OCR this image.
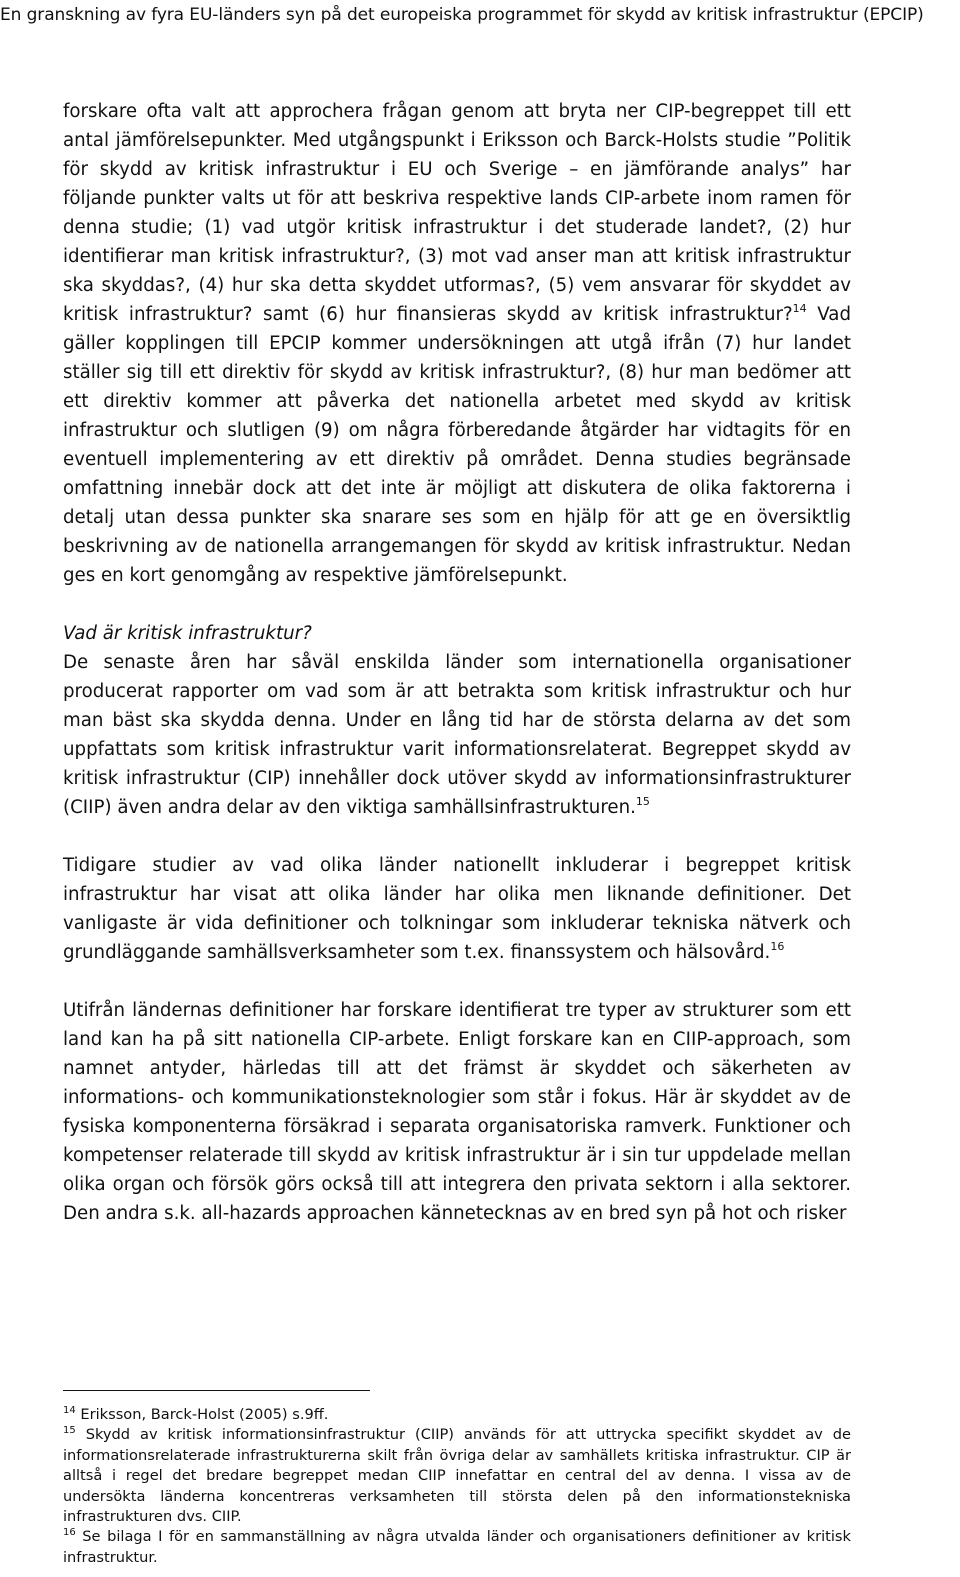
En granskning av fyra EU-länders syn på det europeiska programmet för skydd av kritisk infrastruktur (EPCIP)

forskare ofta valt att approchera frågan genom att bryta ner CIP-begreppet till ett antal jämförelsepunkter. Med utgångspunkt i Eriksson och Barck-Holsts studie ”Politik för skydd av kritisk infrastruktur i EU och Sverige – en jämförande analys” har följande punkter valts ut för att beskriva respektive lands CIP-arbete inom ramen för denna studie; (1) vad utgör kritisk infrastruktur i det studerade landet?, (2) hur identifierar man kritisk infrastruktur?, (3) mot vad anser man att kritisk infrastruktur ska skyddas?, (4) hur ska detta skyddet utformas?, (5) vem ansvarar för skyddet av kritisk infrastruktur? samt (6) hur finansieras skydd av kritisk infrastruktur?$^{14}$ Vad gäller kopplingen till EPCIP kommer undersökningen att utgå ifrån (7) hur landet ställer sig till ett direktiv för skydd av kritisk infrastruktur?, (8) hur man bedömer att ett direktiv kommer att påverka det nationella arbetet med skydd av kritisk infrastruktur och slutligen (9) om några förberedande åtgärder har vidtagits för en eventuell implementering av ett direktiv på området. Denna studies begränsade omfattning innebär dock att det inte är möjligt att diskutera de olika faktorerna i detalj utan dessa punkter ska snarare ses som en hjälp för att ge en översiktlig beskrivning av de nationella arrangemangen för skydd av kritisk infrastruktur. Nedan ges en kort genomgång av respektive jämförelsepunkt.

Vad är kritisk infrastruktur?

De senaste åren har såväl enskilda länder som internationella organisationer producerat rapporter om vad som är att betrakta som kritisk infrastruktur och hur man bäst ska skydda denna. Under en lång tid har de största delarna av det som uppfattats som kritisk infrastruktur varit informationsrelaterat. Begreppet skydd av kritisk infrastruktur (CIP) innehåller dock utöver skydd av informationsinfrastrukturer (CIIP) även andra delar av den viktiga samhällsinfrastrukturen.$^{15}$

Tidigare studier av vad olika länder nationellt inkluderar i begreppet kritisk infrastruktur har visat att olika länder har olika men liknande definitioner. Det vanligaste är vida definitioner och tolkningar som inkluderar tekniska nätverk och grundläggande samhällsverksamheter som t.ex. finanssystem och hälsovård.$^{16}$

Utifrån ländernas definitioner har forskare identifierat tre typer av strukturer som ett land kan ha på sitt nationella CIP-arbete. Enligt forskare kan en CIIP-approach, som namnet antyder, härledas till att det främst är skyddet och säkerheten av informations- och kommunikationsteknologier som står i fokus. Här är skyddet av de fysiska komponenterna försäkrad i separata organisatoriska ramverk. Funktioner och kompetenser relaterade till skydd av kritisk infrastruktur är i sin tur uppdelade mellan olika organ och försök görs också till att integrera den privata sektorn i alla sektorer. Den andra s.k. all-hazards approachen kännetecknas av en bred syn på hot och risker

$^{14}$ Eriksson, Barck-Holst (2005) s.9ff.

$^{15}$ Skydd av kritisk informationsinfrastruktur (CIIP) används för att uttrycka specifikt skyddet av de informationsrelaterade infrastrukturerna skilt från övriga delar av samhällets kritiska infrastruktur. CIP är alltså i regel det bredare begreppet medan CIIP innefattar en central del av denna. I vissa av de undersökta länderna koncentreras verksamheten till största delen på den informationstekniska infrastrukturen dvs. CIIP.

$^{16}$ Se bilaga I för en sammanställning av några utvalda länder och organisationers definitioner av kritisk infrastruktur.
